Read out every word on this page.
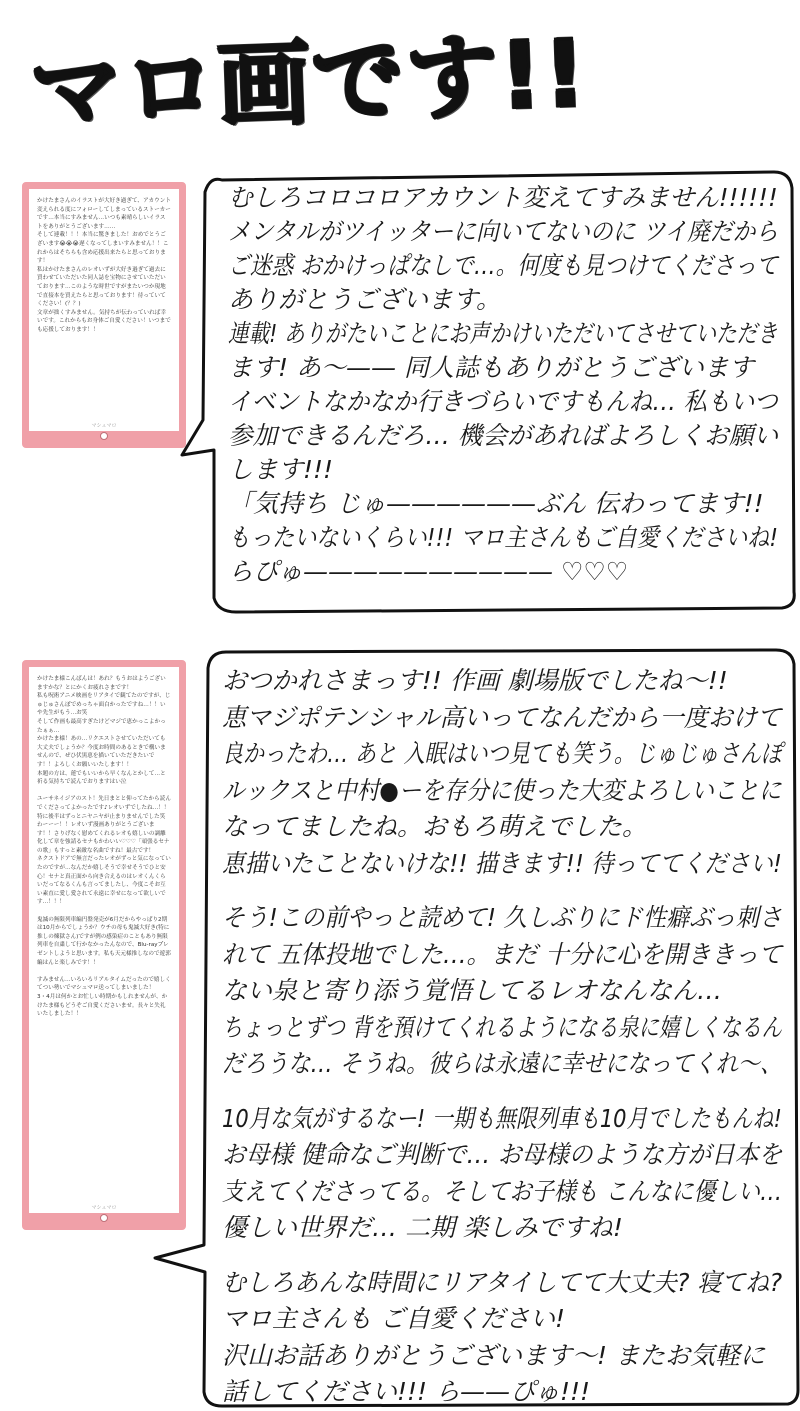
マロ画です!!
かけたまさんのイラストが大好き過ぎて、アカウント変えられる度にフォローしてしまっているストーカーです…本当にすみません…いつも素晴らしいイラストをありがとうございます……
そして連載！！！本当に驚きました！おめでとうございます😭😭😭遅くなってしまいすみません！！これからはそちらも含め応援出来たらと思っております！
私はかけたまさんのレオいずが大好き過ぎて過去に買わせていただいた同人誌を宝物にさせていただいております…このような時世ですがまたいつか現地で直接本を買えたらと思っております！待っていてください！(？？)
文章が拙くすみません。気持ちが伝わっていれば幸いです。これからもお身体ご自愛ください！いつまでも応援しております！！
マシュマロ
かけたま様こんばんは！あれ？もうおはようございますかな？とにかくお疲れさまです！
私も呪術アニメ映画をリアタイで観てたのですが、じゅじゅさんぽでめっちゃ面白かったですね…！！いや先生がもう…お笑
そして作画も最高すぎたけどマジで恵かっこよかったぁぁ…
かけたま様！あの…リクエストさせていただいても大丈夫でしょうか？今度お時間のあるときで構いませんので、ぜひ伏黒恵を描いていただきたいです！！よろしくお願いいたします！！
本題の方は、蓮でもいいから早くなんとかして…と祈る気持ちで読んでおりますはい泣

ユーサネイジアのスト！先日まとと仰ってたから読んでくださってよかったです♪レオいずでしたね…！！特に後半はずっとニヤニヤが止まりませんでした笑
わーーー！！レオいず漫画ありがとうございます！！さりげなく慰めてくれるレオも嬉しいの調離化して章を強請るセナもかわいい♡♡♡「頑張るセナの歌」もすっと素敵な名曲ですね！最古です！
ネクストドアで無言だったレオがずっと気になっていたのですが…なんだか嬉しそうで幸せそうでひと安心！セナと真正面から向き合えるのはレオくんくらいだってなるくんも言ってましたし、今度こそお互い素直に愛し愛されて永遠に幸せになって欲しいです…！！！

鬼滅の無限列車編円盤発売が6月だからやっぱり2期は10月からでしょうか？ウチの母も鬼滅大好き(特に推しの煉獄さん)ですが例の感染症のこともあり無限列車を自粛して行かなかったんなので、Blu-rayプレゼントしようと思います。私も天元様推しなので遊郭編はんと楽しみです！！

すみません…いろいろリアルタイムだったので嬉しくてつい勢いでマシュマロ送ってしまいました！
3・4月は何かとお忙しい時期かもしれませんが、かけたま様もどうぞご自愛くださいませ。長々と失礼いたしました！！
マシュマロ
むしろコロコロアカウント変えてすみません!!!!!!
メンタルがツイッターに向いてないのに ツイ廃だから
ご迷惑 おかけっぱなしで…。何度も見つけてくださって
ありがとうございます。
連載! ありがたいことにお声かけいただいてさせていただき
ます! あ〜—— 同人誌もありがとうございます
イベントなかなか行きづらいですもんね… 私もいつ
参加できるんだろ… 機会があればよろしくお願い
します!!!
「気持ち じゅ——————ぶん 伝わってます!!
もったいないくらい!!! マロ主さんもご自愛くださいね!
らぴゅ—————————— ♡♡♡
おつかれさまっす!! 作画 劇場版でしたね〜!!
恵マジポテンシャル高いってなんだから一度おけて
良かったわ… あと 入眠はいつ見ても笑う。じゅじゅさんぽ
ルックスと中村●ーを存分に使った大変よろしいことに
なってましたね。おもろ萌えでした。
恵描いたことないけな!! 描きます!! 待っててください!
そう!この前やっと読めて! 久しぶりにド性癖ぶっ刺さ
れて 五体投地でした…。まだ 十分に心を開ききって
ない泉と寄り添う覚悟してるレオなんなん…
ちょっとずつ 背を預けてくれるようになる泉に嬉しくなるん
だろうな… そうね。彼らは永遠に幸せになってくれ〜、
10月な気がするなー! 一期も無限列車も10月でしたもんね!
お母様 健命なご判断で… お母様のような方が日本を
支えてくださってる。そしてお子様も こんなに優しい…
優しい世界だ… 二期 楽しみですね!
むしろあんな時間にリアタイしてて大丈夫? 寝てね?
マロ主さんも ご自愛ください!
沢山お話ありがとうございます〜! またお気軽に
話してください!!! ら——ぴゅ!!!
